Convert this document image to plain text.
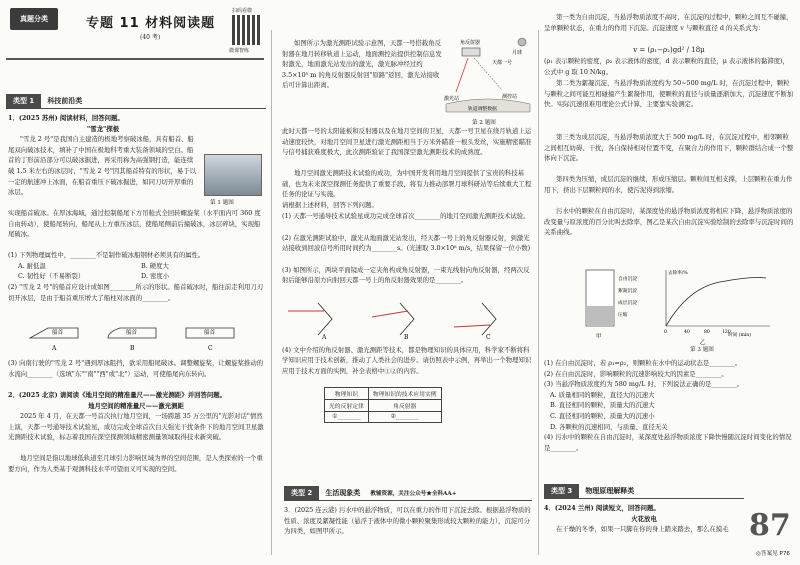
真题分类	专题 11 材料阅读题
(40 考)
扫码看微
微课智练
类型 1	科技前沿类

1．(2025 苏州) 阅读材料，回答问题。

"雪龙"探极

"雪龙 2 号"是我国自主建造的极地考察破冰船，具有船首、船尾双向破冰技术，填补了中国在极地科考重大装备领域的空白。船首的丁形前沿部分可以破冰掘进，再采用称为高强钢打造，能连续破 1.5 米左右的冰层时，"雪龙 2 号"因其船首特有的形状，易于以一定的航速冲上冰面，在船首重压下破冰掘进，如同刀切开厚重的冰层。

第 1 题图

实现船首破冰。在厚冰海域，通过控制船尾下方吊舱式全回转螺旋桨（水平面内可 360 度自由转动），使船尾转向，船尾从上方重压冰层，使船尾侧前后撞破冰，冰层碎块，实现船尾破冰。

(1) 下列物理属性中，________不是制作破冰船钢材必须具有的属性。

A. 耐低温	B. 硬度大
C. 韧性好（不易断裂）	D. 密度小

(2) "雪龙 2 号"的船首应设计成如图________所示的形状。船首破冰时，船往前走利用刀刃切开冰层，是由于船首重压增大了船柱对冰面的________。

船首	船首	船首
A	B	C

(3) 向南行驶的"雪龙 2 号"遇到厚冰阻挡，欲采用船尾破冰。调整螺旋桨，让螺旋桨推动的水流向________（选填"东""南""西"或"北"）运动，可使船尾向东转向。

2．(2025 北京) 请阅读《地月空间的精准量尺——激光测距》并回答问题。

地月空间的精准量尺——激光测距

2025 年 4 月，在天都一号首次执行地月空间，一场跨越 35 万公里的"光影对话"情然上演，天都一号通导技术试验星，成功完成全球首次白天强光干扰条件下的地月空间卫星激光测距技术试验，标志着我国在深空探测领域精密测量领域取得技术新突破。

地月空间是指以地球低轨道至月球引力影响区域为界的空间范围，是人类探索的一个重要方向，作为人类基于观测科技水平可望而又可实现的空间。

如图所示为激光测距试验示意图，天都一号搭载角反射器在地月转移轨道上运动，地面测控站提供控制信息发射激光，地面激光站发出的激光，激光脉冲经过约 3.5×10⁵ m 的角反射器反射回"原路"返回，激光站接收后可计算出距离。

角反射器
月球
天都一号
激光站	测控站
轨道调整数据
第 2 题图

此时天都一号的太阳能板和反射器以及在地月空间的卫星，天都一号卫星在绕月轨道上运动速度较快，对地月空间卫星进行激光测距相当于万米外瞄准一根头发丝，实施精密瞄准与信号捕获难度极大，此次测距验证了我国深空激光测距技术的成熟度。

地月空间激光测距技术试验的成功，为中国开发利用地月空间提供了宝贵的科技基础，也为未来深空探测任务提供了重要手段，将有力推动部署月球科研站等后续重大工程任务的论证与实施。

请根据上述材料，回答下列问题。

(1) 天都一号通导技术试验星成功完成全球首次________的地月空间激光测距技术试验。

(2) 在激光测距试验中，激光从地面激光站发出，经天都一号上的角反射器反射，到激光站接收到回波信号所用时间约为________s。(光速取 3.0×10⁸ m/s，结果保留一位小数)

(3) 如图所示，两块平面镜成一定夹角构成角反射器，一束光线射向角反射器，经两次反射后能够沿原方向射回天都一号上的角反射器效果的是________。

A	B	C

(4) 文中介绍的角反射器、激光测距等技术，都是物理知识的具体应用，科学家不断将科学知识应用于技术创新，推动了人类社会的进步。请仿照表中示例，再举出一个物理知识应用于技术方面的实例，补全表格中①②的内容。

物理知识	物理知识的技术应用实例
光的反射定律	角反射器
①________	②________
类型 2	生活现象类 教辅资源，关注公众号★全科AA+

3．(2025 连云港) 污水中的悬浮物质，可以在重力的作用下沉淀去除。根据悬浮物质的性质、浓度及絮凝性能（悬浮于液体中的微小颗粒聚集形成较大颗粒的能力），沉淀可分为四类，如图甲所示。

第一类为自由沉淀，当悬浮物质浓度不高时，在沉淀的过程中，颗粒之间互不碰撞，呈单颗粒状态，在重力的作用下沉淀。沉淀速度 v 与颗粒直径 d 的关系式为：

v = (ρ₁−ρ₂)gd² / 18μ

(ρ₁ 表示颗粒的密度，ρ₂ 表示液体的密度，d 表示颗粒的直径，μ 表示液体的黏滞度)，公式中 g 取 10 N/kg。

第二类为絮凝沉淀，当悬浮物质浓度约为 50~500 mg/L 时，在沉淀过程中，颗粒与颗粒之间可能互相碰撞产生絮凝作用，使颗粒的直径与质量逐渐加大，沉淀速度不断加快。实际沉速很难用理论公式计算，主要靠实验测定。

第三类为成层沉淀，当悬浮物质浓度大于 500 mg/L 时，在沉淀过程中，相邻颗粒之间相互妨碍、干扰，各自保持相对位置不变，在聚合力的作用下，颗粒群结合成一个整体向下沉淀。

第四类为压缩，成层沉淀的继续，形成压缩层。颗粒间互相支撑，上层颗粒在重力作用下，挤出下层颗粒间的水，使污泥得到浓缩。

污水中的颗粒在自由沉淀时，某深度处的悬浮物质浓度将相应下降，悬浮物质浓度的改变量与原浓度的百分比叫去除率，图乙是某次自由沉淀实验绘制的去除率与沉淀时间的关系曲线。

自由沉淀
絮凝沉淀
成层沉淀
压缩
甲
去除率/%
时间 (min)
0	40	80	120
乙
第 3 题图

(1) 在自由沉淀时，若 ρ₁=ρ₂，则颗粒在水中的运动状态是________。

(2) 在自由沉淀时，影响颗粒的沉速影响较大的因素是________。

(3) 当悬浮物质浓度约为 580 mg/L 时，下列说法正确的是________。

A. 质量相同的颗粒，直径大的沉速大

B. 直径相同的颗粒，质量大的沉速大

C. 直径相同的颗粒，质量大的沉速小

D. 各颗粒的沉速相同，与质量、直径无关

(4) 污水中的颗粒在自由沉淀时，某深度处悬浮物质浓度下降快慢随沉淀时间变化的情况是________。

类型 3	物理原理解释类

4．(2024 兰州) 阅读短文，回答问题。

火花放电

在干燥的冬季，如果一只脚在你的身上踏来踏去，那么在摸毛 87
◎答案见 P76
